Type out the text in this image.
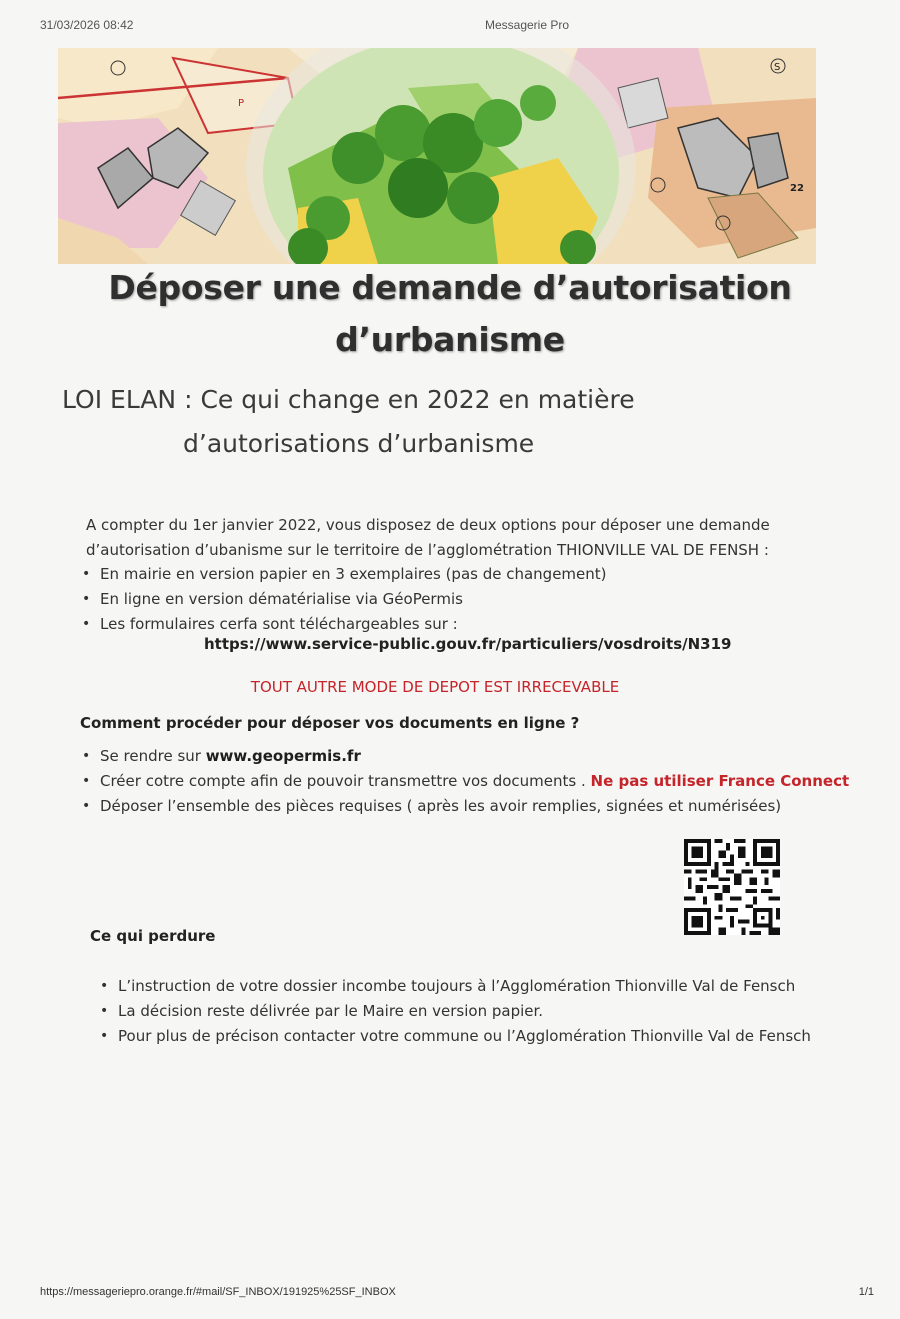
31/03/2026 08:42	Messagerie Pro
P
S
22
Déposer une demande d’autorisation
d’urbanisme
LOI ELAN : Ce qui change en 2022 en matière
d’autorisations d’urbanisme
A compter du 1er janvier 2022, vous disposez de deux options pour déposer une demande d’autorisation d’ubanisme sur le territoire de l’agglométration THIONVILLE VAL DE FENSH :
• En mairie en version papier en 3 exemplaires (pas de changement)
• En ligne en version dématérialise via GéoPermis
• Les formulaires cerfa sont téléchargeables sur :
https://www.service-public.gouv.fr/particuliers/vosdroits/N319
TOUT AUTRE MODE DE DEPOT EST IRRECEVABLE
Comment procéder pour déposer vos documents en ligne ?
• Se rendre sur www.geopermis.fr
• Créer cotre compte afin de pouvoir transmettre vos documents . Ne pas utiliser France Connect
• Déposer l’ensemble des pièces requises ( après les avoir remplies, signées et numérisées)
Ce qui perdure
• L’instruction de votre dossier incombe toujours à l’Agglomération Thionville Val de Fensch
• La décision reste délivrée par le Maire en version papier.
• Pour plus de précison contacter votre commune ou l’Agglomération Thionville Val de Fensch
https://messageriepro.orange.fr/#mail/SF_INBOX/191925%25SF_INBOX	1/1
